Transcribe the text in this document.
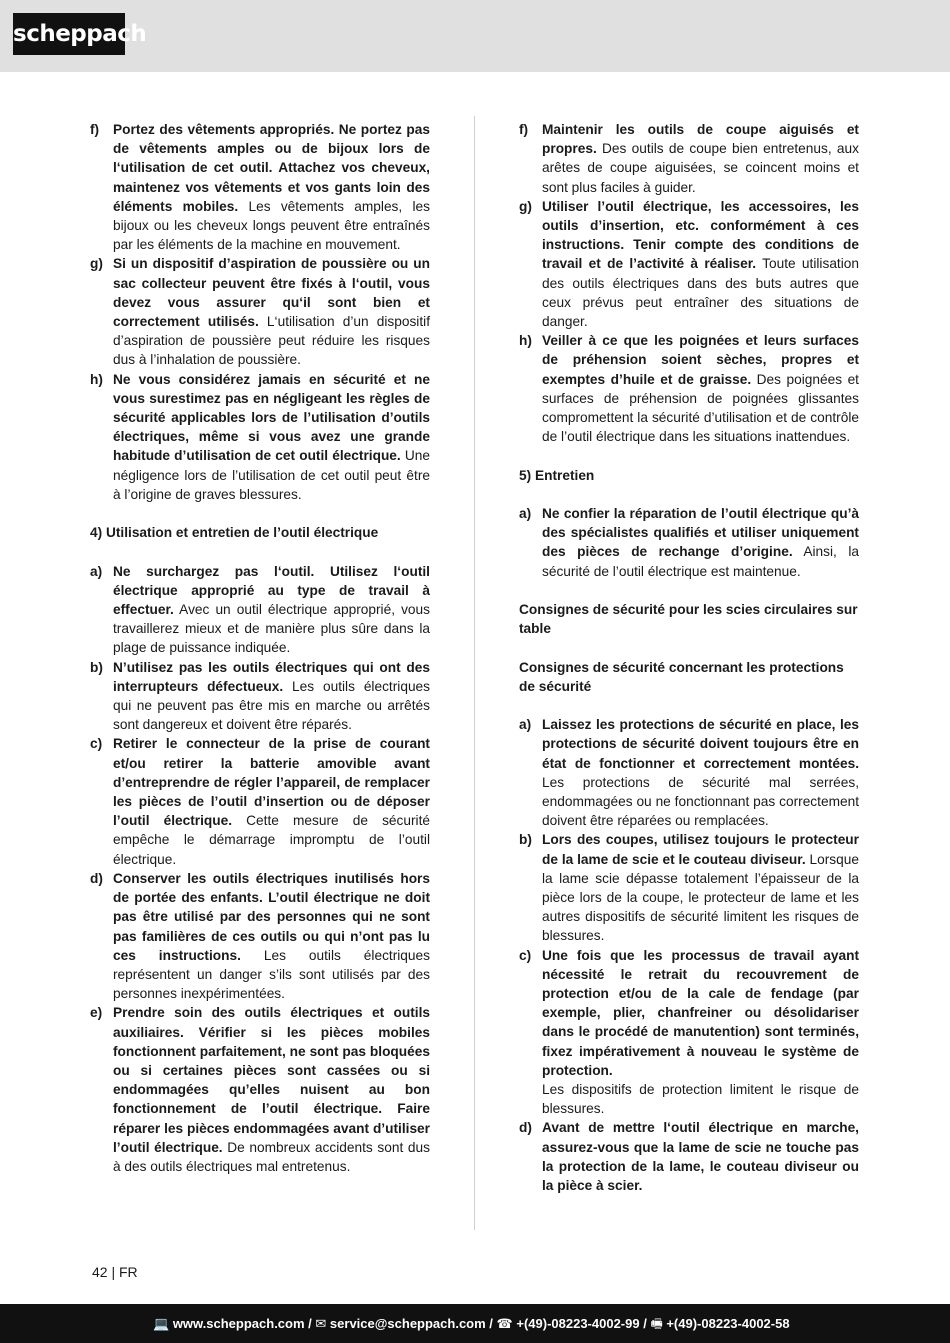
scheppach
f) Portez des vêtements appropriés. Ne portez pas de vêtements amples ou de bijoux lors de l‘utilisation de cet outil. Attachez vos cheveux, maintenez vos vêtements et vos gants loin des éléments mobiles. Les vêtements amples, les bijoux ou les cheveux longs peuvent être entraînés par les éléments de la machine en mouvement.
g) Si un dispositif d’aspiration de poussière ou un sac collecteur peuvent être fixés à l‘outil, vous devez vous assurer qu‘il sont bien et correctement utilisés. L‘utilisation d’un dispositif d’aspiration de poussière peut réduire les risques dus à l’inhalation de poussière.
h) Ne vous considérez jamais en sécurité et ne vous surestimez pas en négligeant les règles de sécurité applicables lors de l’utilisation d’outils électriques, même si vous avez une grande habitude d’utilisation de cet outil électrique. Une négligence lors de l’utilisation de cet outil peut être à l’origine de graves blessures.
4) Utilisation et entretien de l’outil électrique
a) Ne surchargez pas l‘outil. Utilisez l‘outil électrique approprié au type de travail à effectuer. Avec un outil électrique approprié, vous travaillerez mieux et de manière plus sûre dans la plage de puissance indiquée.
b) N’utilisez pas les outils électriques qui ont des interrupteurs défectueux. Les outils électriques qui ne peuvent pas être mis en marche ou arrêtés sont dangereux et doivent être réparés.
c) Retirer le connecteur de la prise de courant et/ou retirer la batterie amovible avant d’entreprendre de régler l’appareil, de remplacer les pièces de l’outil d’insertion ou de déposer l’outil électrique. Cette mesure de sécurité empêche le démarrage impromptu de l’outil électrique.
d) Conserver les outils électriques inutilisés hors de portée des enfants. L’outil électrique ne doit pas être utilisé par des personnes qui ne sont pas familières de ces outils ou qui n’ont pas lu ces instructions. Les outils électriques représentent un danger s’ils sont utilisés par des personnes inexpérimentées.
e) Prendre soin des outils électriques et outils auxiliaires. Vérifier si les pièces mobiles fonctionnent parfaitement, ne sont pas bloquées ou si certaines pièces sont cassées ou si endommagées qu’elles nuisent au bon fonctionnement de l’outil électrique. Faire réparer les pièces endommagées avant d’utiliser l’outil électrique. De nombreux accidents sont dus à des outils électriques mal entretenus.
f) Maintenir les outils de coupe aiguisés et propres. Des outils de coupe bien entretenus, aux arêtes de coupe aiguisées, se coincent moins et sont plus faciles à guider.
g) Utiliser l’outil électrique, les accessoires, les outils d’insertion, etc. conformément à ces instructions. Tenir compte des conditions de travail et de l’activité à réaliser. Toute utilisation des outils électriques dans des buts autres que ceux prévus peut entraîner des situations de danger.
h) Veiller à ce que les poignées et leurs surfaces de préhension soient sèches, propres et exemptes d’huile et de graisse. Des poignées et surfaces de préhension de poignées glissantes compromettent la sécurité d’utilisation et de contrôle de l’outil électrique dans les situations inattendues.
5) Entretien
a) Ne confier la réparation de l’outil électrique qu’à des spécialistes qualifiés et utiliser uniquement des pièces de rechange d’origine. Ainsi, la sécurité de l’outil électrique est maintenue.
Consignes de sécurité pour les scies circulaires sur table
Consignes de sécurité concernant les protections de sécurité
a) Laissez les protections de sécurité en place, les protections de sécurité doivent toujours être en état de fonctionner et correctement montées. Les protections de sécurité mal serrées, endommagées ou ne fonctionnant pas correctement doivent être réparées ou remplacées.
b) Lors des coupes, utilisez toujours le protecteur de la lame de scie et le couteau diviseur. Lorsque la lame scie dépasse totalement l’épaisseur de la pièce lors de la coupe, le protecteur de lame et les autres dispositifs de sécurité limitent les risques de blessures.
c) Une fois que les processus de travail ayant nécessité le retrait du recouvrement de protection et/ou de la cale de fendage (par exemple, plier, chanfreiner ou désolidariser dans le procédé de manutention) sont terminés, fixez impérativement à nouveau le système de protection.
Les dispositifs de protection limitent le risque de blessures.
d) Avant de mettre l‘outil électrique en marche, assurez-vous que la lame de scie ne touche pas la protection de la lame, le couteau diviseur ou la pièce à scier.
42 | FR
💻 www.scheppach.com / ✉ service@scheppach.com / ☎ +(49)-08223-4002-99 / 🖷 +(49)-08223-4002-58
